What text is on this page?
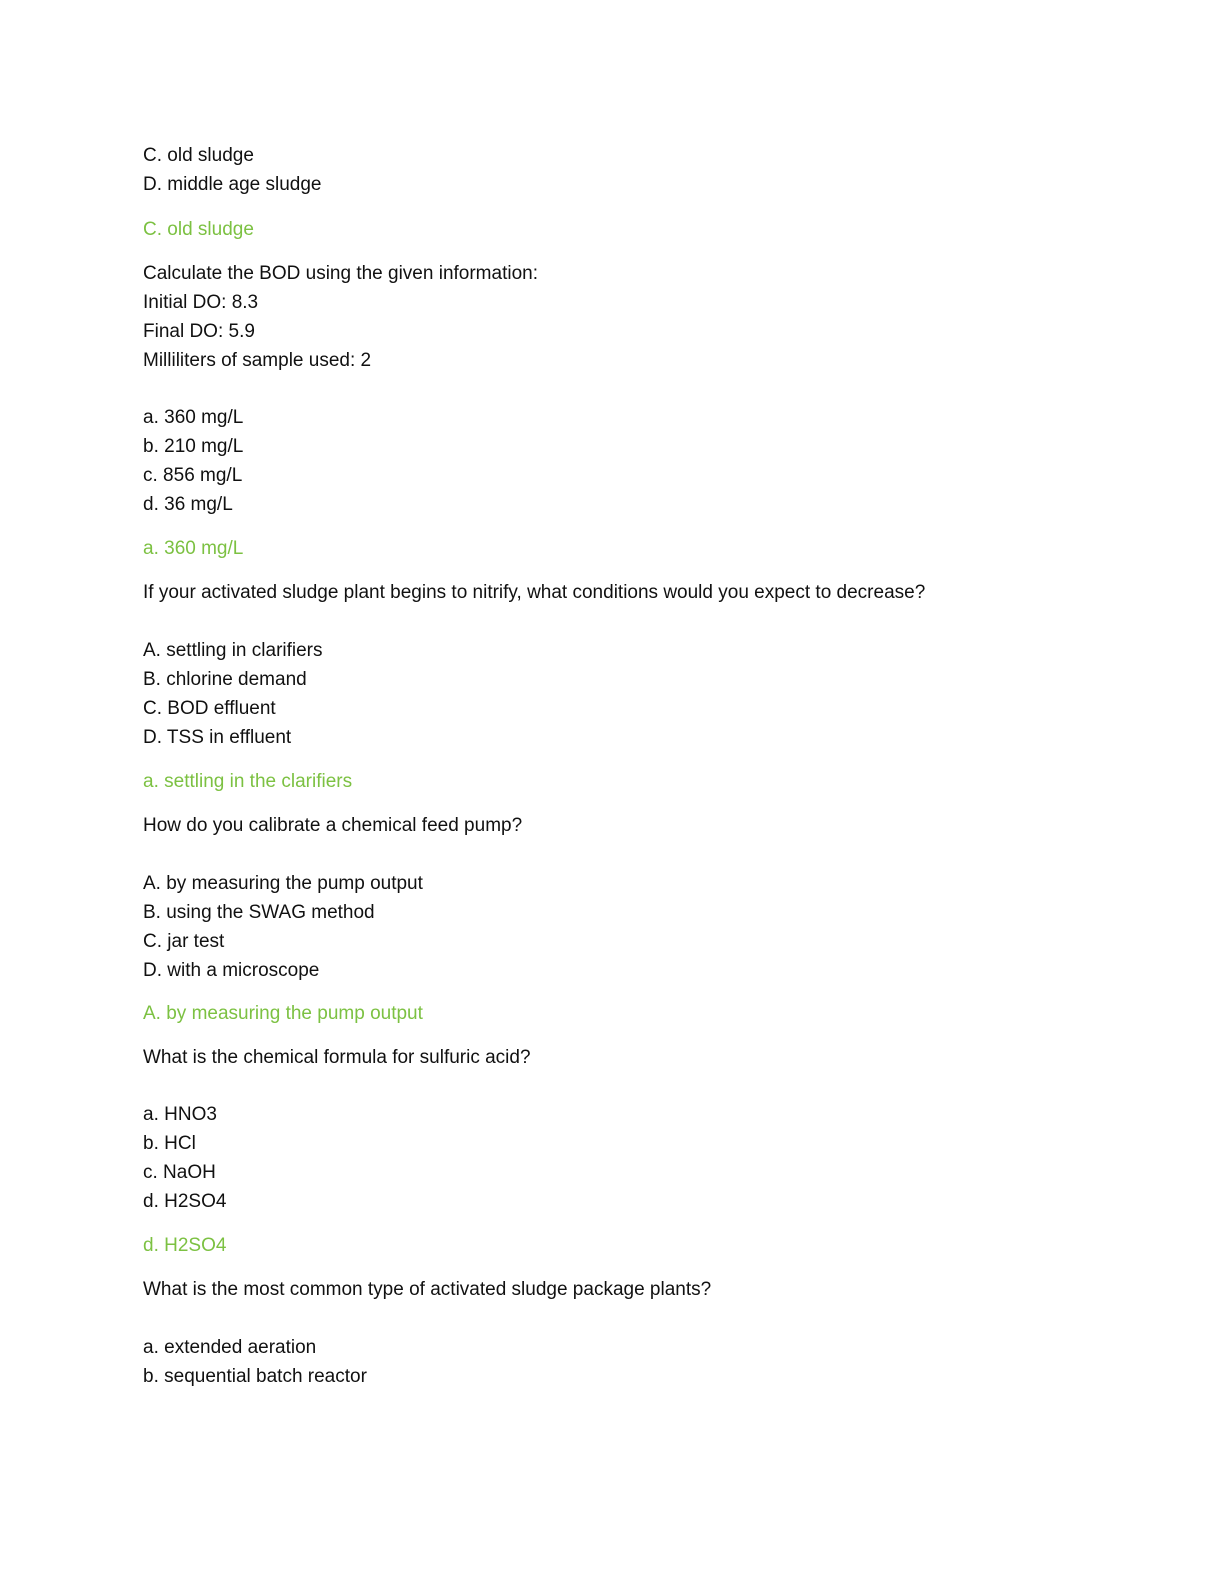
C. old sludge
D. middle age sludge
C. old sludge
Calculate the BOD using the given information:
Initial DO: 8.3
Final DO: 5.9
Milliliters of sample used: 2
a. 360 mg/L
b. 210 mg/L
c. 856 mg/L
d. 36 mg/L
a. 360 mg/L
If your activated sludge plant begins to nitrify, what conditions would you expect to decrease?
A. settling in clarifiers
B. chlorine demand
C. BOD effluent
D. TSS in effluent
a. settling in the clarifiers
How do you calibrate a chemical feed pump?
A. by measuring the pump output
B. using the SWAG method
C. jar test
D. with a microscope
A. by measuring the pump output
What is the chemical formula for sulfuric acid?
a. HNO3
b. HCl
c. NaOH
d. H2SO4
d. H2SO4
What is the most common type of activated sludge package plants?
a. extended aeration
b. sequential batch reactor
